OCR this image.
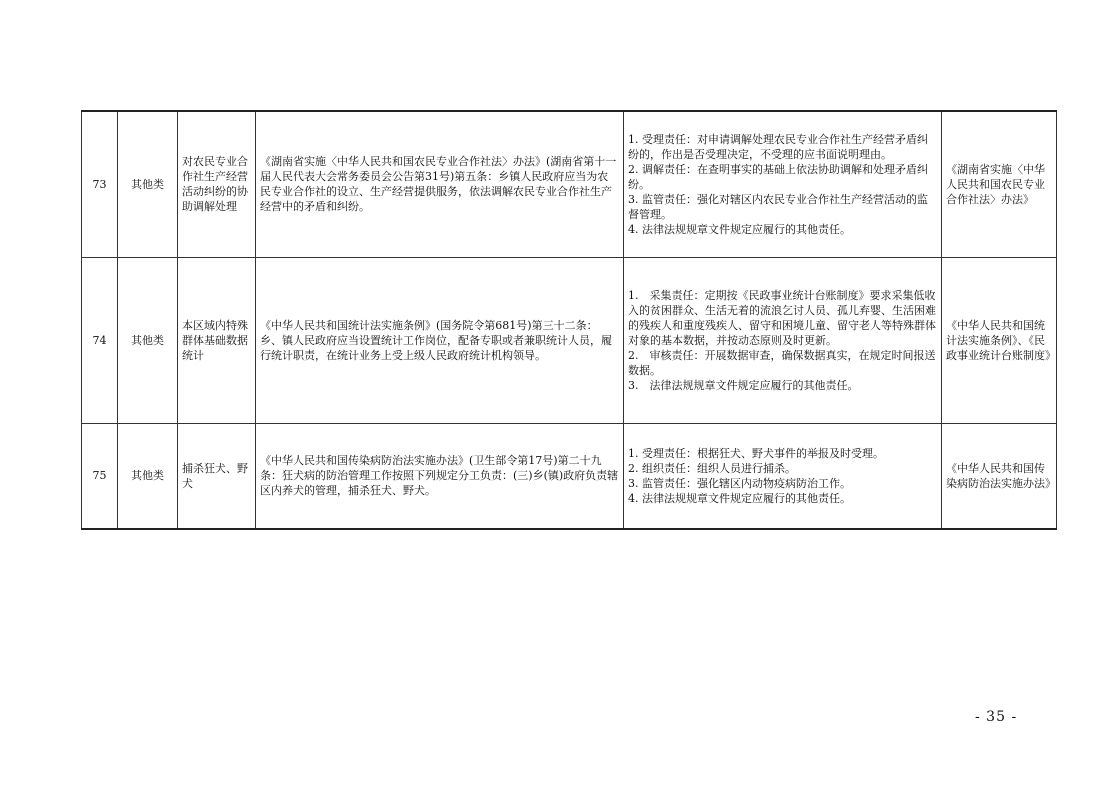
73	其他类	对农民专业合作社生产经营活动纠纷的协助调解处理	《湖南省实施〈中华人民共和国农民专业合作社法〉办法》(湖南省第十一届人民代表大会常务委员会公告第31号)第五条：乡镇人民政府应当为农民专业合作社的设立、生产经营提供服务，依法调解农民专业合作社生产经营中的矛盾和纠纷。	1. 受理责任：对申请调解处理农民专业合作社生产经营矛盾纠纷的，作出是否受理决定，不受理的应书面说明理由。
2. 调解责任：在查明事实的基础上依法协助调解和处理矛盾纠纷。
3. 监管责任：强化对辖区内农民专业合作社生产经营活动的监督管理。
4. 法律法规规章文件规定应履行的其他责任。	《湖南省实施〈中华人民共和国农民专业合作社法〉办法》
74	其他类	本区域内特殊群体基础数据统计	《中华人民共和国统计法实施条例》(国务院令第681号)第三十二条：乡、镇人民政府应当设置统计工作岗位，配备专职或者兼职统计人员，履行统计职责，在统计业务上受上级人民政府统计机构领导。	1.　采集责任：定期按《民政事业统计台账制度》要求采集低收入的贫困群众、生活无着的流浪乞讨人员、孤儿弃婴、生活困难的残疾人和重度残疾人、留守和困境儿童、留守老人等特殊群体对象的基本数据，并按动态原则及时更新。
2.　审核责任：开展数据审查，确保数据真实，在规定时间报送数据。
3.　法律法规规章文件规定应履行的其他责任。	《中华人民共和国统计法实施条例》、《民政事业统计台账制度》
75	其他类	捕杀狂犬、野犬	《中华人民共和国传染病防治法实施办法》(卫生部令第17号)第二十九条：狂犬病的防治管理工作按照下列规定分工负责：(三)乡(镇)政府负责辖区内养犬的管理，捕杀狂犬、野犬。	1. 受理责任：根据狂犬、野犬事件的举报及时受理。
2. 组织责任：组织人员进行捕杀。
3. 监管责任：强化辖区内动物疫病防治工作。
4. 法律法规规章文件规定应履行的其他责任。	《中华人民共和国传染病防治法实施办法》
- 35 -
